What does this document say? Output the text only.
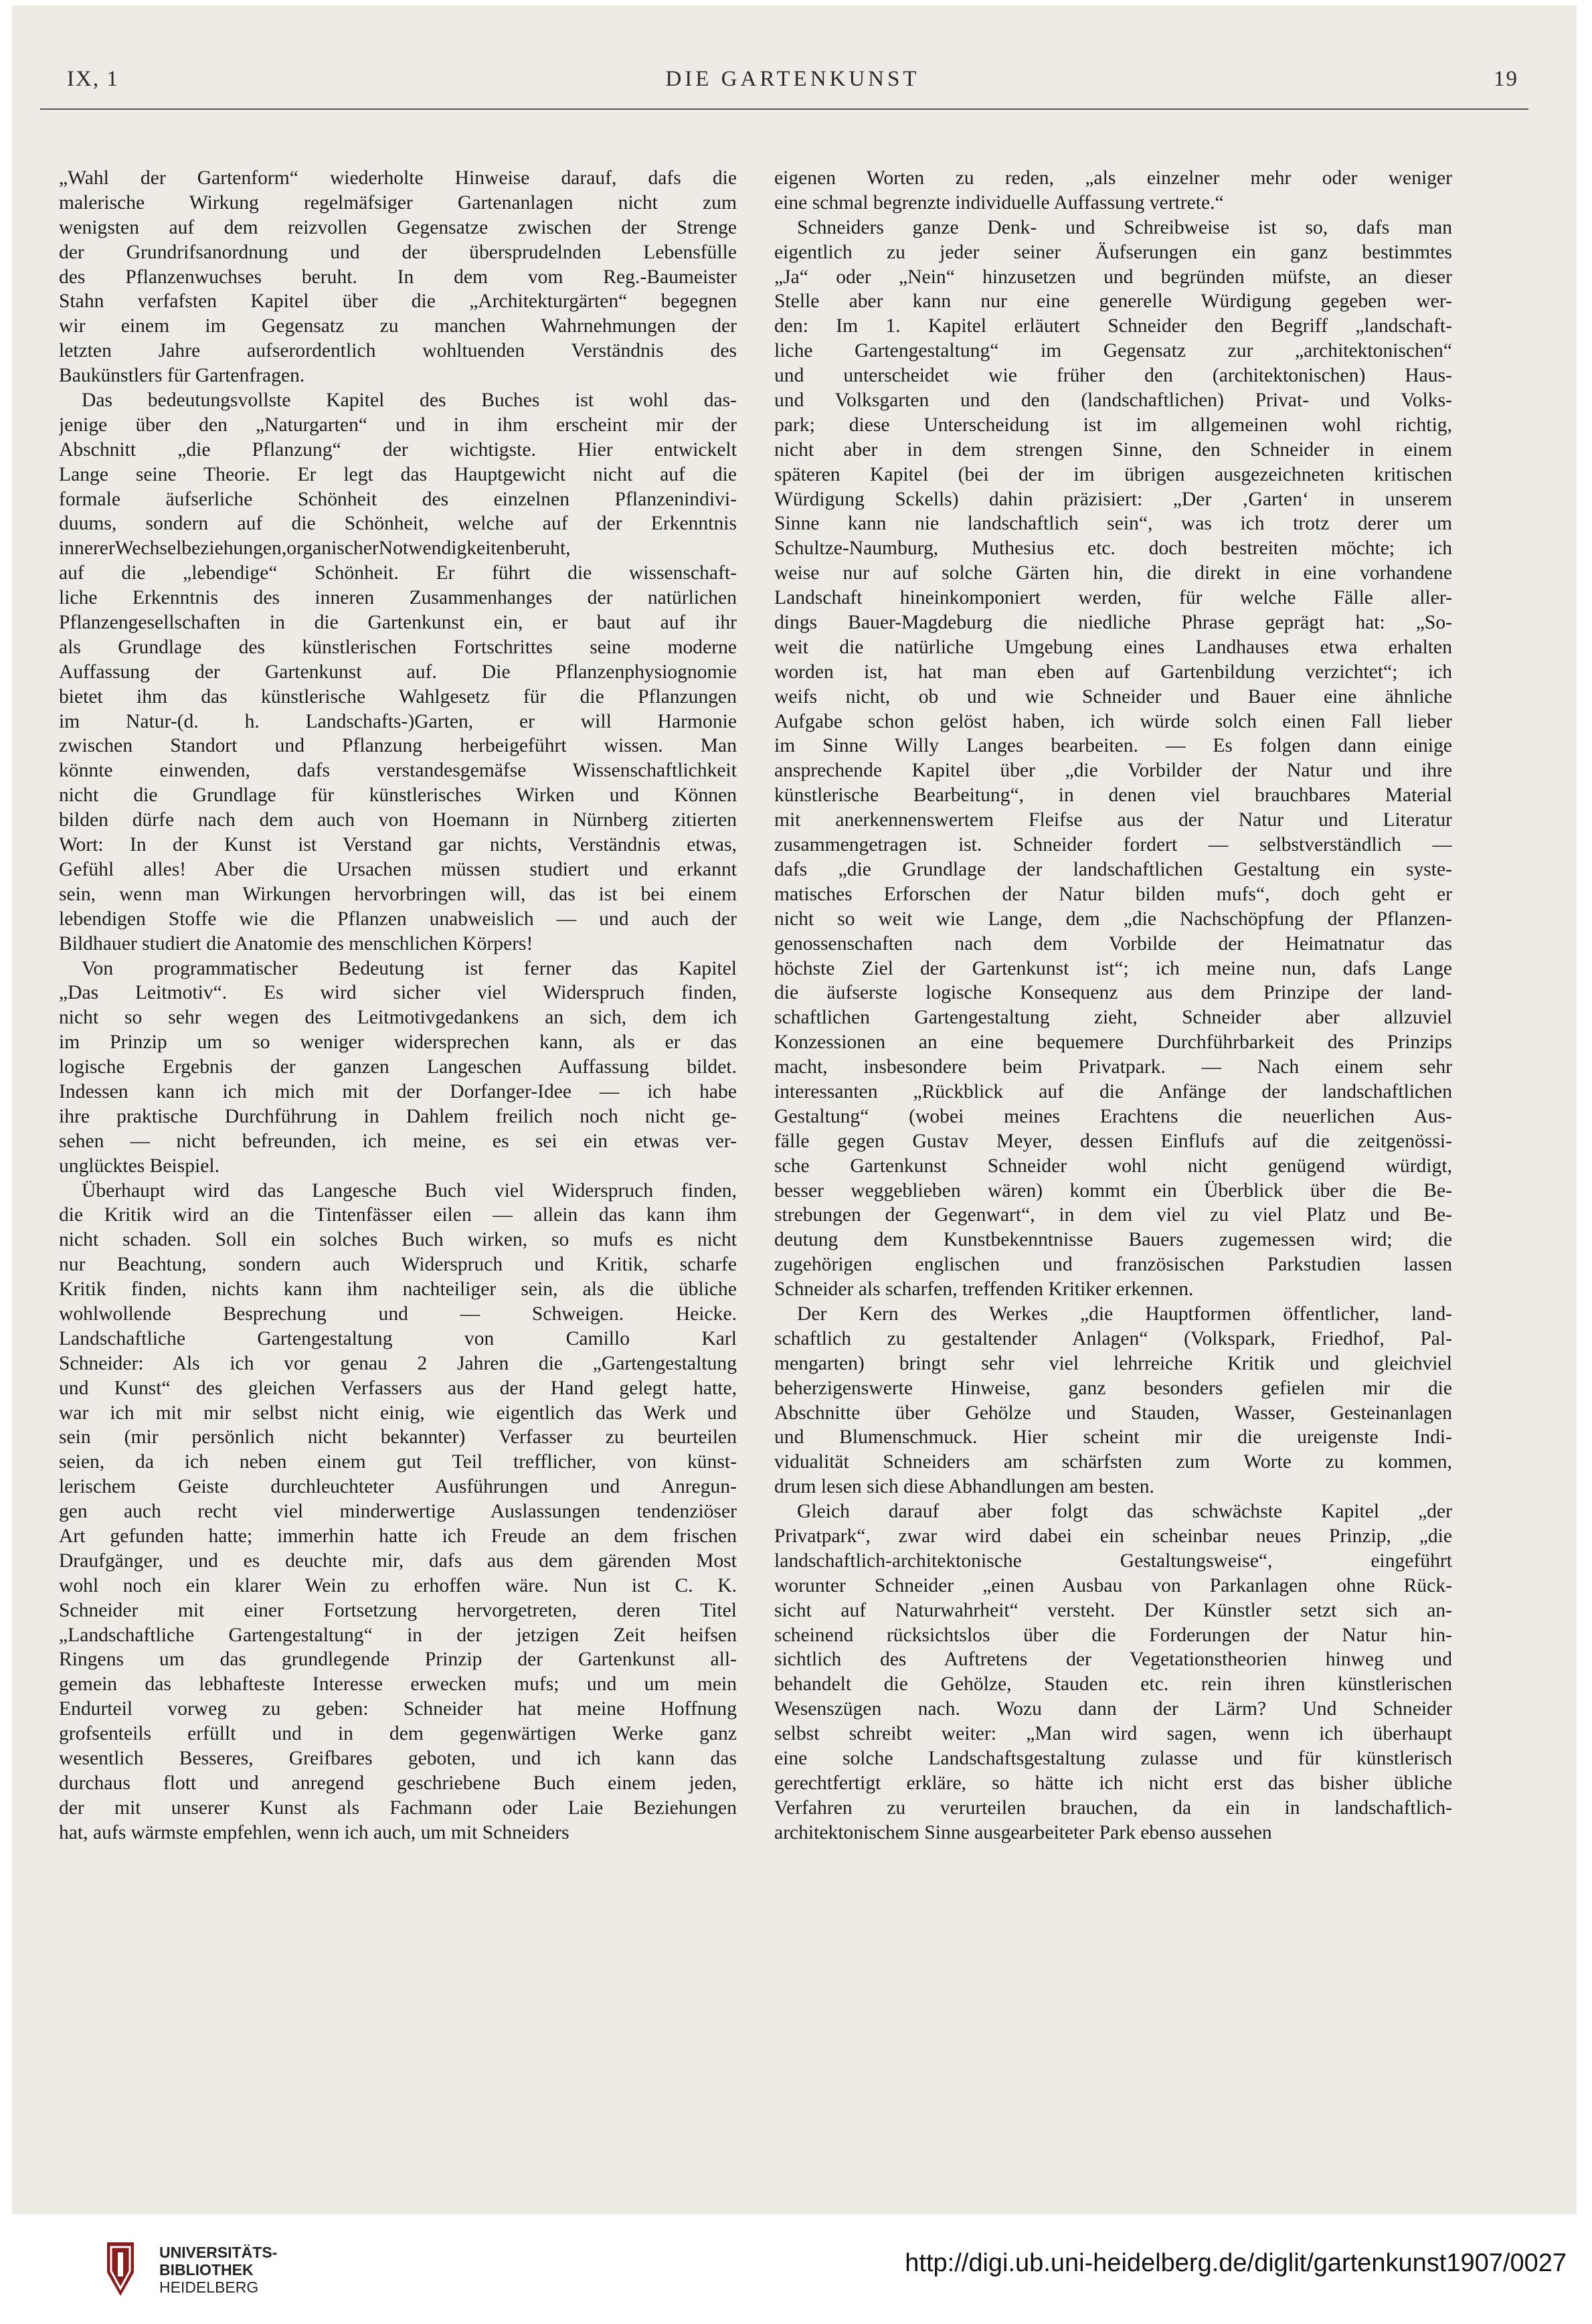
IX, 1	DIE GARTENKUNST	19
„Wahl der Gartenform“ wiederholte Hinweise darauf, dafs die
malerische Wirkung regelmäfsiger Gartenanlagen nicht zum
wenigsten auf dem reizvollen Gegensatze zwischen der Strenge
der Grundrifsanordnung und der übersprudelnden Lebensfülle
des Pflanzenwuchses beruht. In dem vom Reg.-Baumeister
Stahn verfafsten Kapitel über die „Architekturgärten“ begegnen
wir einem im Gegensatz zu manchen Wahrnehmungen der
letzten Jahre aufserordentlich wohltuenden Verständnis des
Baukünstlers für Gartenfragen.
Das bedeutungsvollste Kapitel des Buches ist wohl das-
jenige über den „Naturgarten“ und in ihm erscheint mir der
Abschnitt „die Pflanzung“ der wichtigste. Hier entwickelt
Lange seine Theorie. Er legt das Hauptgewicht nicht auf die
formale äufserliche Schönheit des einzelnen Pflanzenindivi-
duums, sondern auf die Schönheit, welche auf der Erkenntnis
innererWechselbeziehungen,organischerNotwendigkeitenberuht,
auf die „lebendige“ Schönheit. Er führt die wissenschaft-
liche Erkenntnis des inneren Zusammenhanges der natürlichen
Pflanzengesellschaften in die Gartenkunst ein, er baut auf ihr
als Grundlage des künstlerischen Fortschrittes seine moderne
Auffassung der Gartenkunst auf. Die Pflanzenphysiognomie
bietet ihm das künstlerische Wahlgesetz für die Pflanzungen
im Natur-(d. h. Landschafts-)Garten, er will Harmonie
zwischen Standort und Pflanzung herbeigeführt wissen. Man
könnte einwenden, dafs verstandesgemäfse Wissenschaftlichkeit
nicht die Grundlage für künstlerisches Wirken und Können
bilden dürfe nach dem auch von Hoemann in Nürnberg zitierten
Wort: In der Kunst ist Verstand gar nichts, Verständnis etwas,
Gefühl alles! Aber die Ursachen müssen studiert und erkannt
sein, wenn man Wirkungen hervorbringen will, das ist bei einem
lebendigen Stoffe wie die Pflanzen unabweislich — und auch der
Bildhauer studiert die Anatomie des menschlichen Körpers!
Von programmatischer Bedeutung ist ferner das Kapitel
„Das Leitmotiv“. Es wird sicher viel Widerspruch finden,
nicht so sehr wegen des Leitmotivgedankens an sich, dem ich
im Prinzip um so weniger widersprechen kann, als er das
logische Ergebnis der ganzen Langeschen Auffassung bildet.
Indessen kann ich mich mit der Dorfanger-Idee — ich habe
ihre praktische Durchführung in Dahlem freilich noch nicht ge-
sehen — nicht befreunden, ich meine, es sei ein etwas ver-
unglücktes Beispiel.
Überhaupt wird das Langesche Buch viel Widerspruch finden,
die Kritik wird an die Tintenfässer eilen — allein das kann ihm
nicht schaden. Soll ein solches Buch wirken, so mufs es nicht
nur Beachtung, sondern auch Widerspruch und Kritik, scharfe
Kritik finden, nichts kann ihm nachteiliger sein, als die übliche
wohlwollende Besprechung und — Schweigen. Heicke.
Landschaftliche Gartengestaltung von Camillo Karl
Schneider: Als ich vor genau 2 Jahren die „Gartengestaltung
und Kunst“ des gleichen Verfassers aus der Hand gelegt hatte,
war ich mit mir selbst nicht einig, wie eigentlich das Werk und
sein (mir persönlich nicht bekannter) Verfasser zu beurteilen
seien, da ich neben einem gut Teil trefflicher, von künst-
lerischem Geiste durchleuchteter Ausführungen und Anregun-
gen auch recht viel minderwertige Auslassungen tendenziöser
Art gefunden hatte; immerhin hatte ich Freude an dem frischen
Draufgänger, und es deuchte mir, dafs aus dem gärenden Most
wohl noch ein klarer Wein zu erhoffen wäre. Nun ist C. K.
Schneider mit einer Fortsetzung hervorgetreten, deren Titel
„Landschaftliche Gartengestaltung“ in der jetzigen Zeit heifsen
Ringens um das grundlegende Prinzip der Gartenkunst all-
gemein das lebhafteste Interesse erwecken mufs; und um mein
Endurteil vorweg zu geben: Schneider hat meine Hoffnung
grofsenteils erfüllt und in dem gegenwärtigen Werke ganz
wesentlich Besseres, Greifbares geboten, und ich kann das
durchaus flott und anregend geschriebene Buch einem jeden,
der mit unserer Kunst als Fachmann oder Laie Beziehungen
hat, aufs wärmste empfehlen, wenn ich auch, um mit Schneiders
eigenen Worten zu reden, „als einzelner mehr oder weniger
eine schmal begrenzte individuelle Auffassung vertrete.“
Schneiders ganze Denk- und Schreibweise ist so, dafs man
eigentlich zu jeder seiner Äufserungen ein ganz bestimmtes
„Ja“ oder „Nein“ hinzusetzen und begründen müfste, an dieser
Stelle aber kann nur eine generelle Würdigung gegeben wer-
den: Im 1. Kapitel erläutert Schneider den Begriff „landschaft-
liche Gartengestaltung“ im Gegensatz zur „architektonischen“
und unterscheidet wie früher den (architektonischen) Haus-
und Volksgarten und den (landschaftlichen) Privat- und Volks-
park; diese Unterscheidung ist im allgemeinen wohl richtig,
nicht aber in dem strengen Sinne, den Schneider in einem
späteren Kapitel (bei der im übrigen ausgezeichneten kritischen
Würdigung Sckells) dahin präzisiert: „Der ‚Garten‘ in unserem
Sinne kann nie landschaftlich sein“, was ich trotz derer um
Schultze-Naumburg, Muthesius etc. doch bestreiten möchte; ich
weise nur auf solche Gärten hin, die direkt in eine vorhandene
Landschaft hineinkomponiert werden, für welche Fälle aller-
dings Bauer-Magdeburg die niedliche Phrase geprägt hat: „So-
weit die natürliche Umgebung eines Landhauses etwa erhalten
worden ist, hat man eben auf Gartenbildung verzichtet“; ich
weifs nicht, ob und wie Schneider und Bauer eine ähnliche
Aufgabe schon gelöst haben, ich würde solch einen Fall lieber
im Sinne Willy Langes bearbeiten. — Es folgen dann einige
ansprechende Kapitel über „die Vorbilder der Natur und ihre
künstlerische Bearbeitung“, in denen viel brauchbares Material
mit anerkennenswertem Fleifse aus der Natur und Literatur
zusammengetragen ist. Schneider fordert — selbstverständlich —
dafs „die Grundlage der landschaftlichen Gestaltung ein syste-
matisches Erforschen der Natur bilden mufs“, doch geht er
nicht so weit wie Lange, dem „die Nachschöpfung der Pflanzen-
genossenschaften nach dem Vorbilde der Heimatnatur das
höchste Ziel der Gartenkunst ist“; ich meine nun, dafs Lange
die äufserste logische Konsequenz aus dem Prinzipe der land-
schaftlichen Gartengestaltung zieht, Schneider aber allzuviel
Konzessionen an eine bequemere Durchführbarkeit des Prinzips
macht, insbesondere beim Privatpark. — Nach einem sehr
interessanten „Rückblick auf die Anfänge der landschaftlichen
Gestaltung“ (wobei meines Erachtens die neuerlichen Aus-
fälle gegen Gustav Meyer, dessen Einflufs auf die zeitgenössi-
sche Gartenkunst Schneider wohl nicht genügend würdigt,
besser weggeblieben wären) kommt ein Überblick über die Be-
strebungen der Gegenwart“, in dem viel zu viel Platz und Be-
deutung dem Kunstbekenntnisse Bauers zugemessen wird; die
zugehörigen englischen und französischen Parkstudien lassen
Schneider als scharfen, treffenden Kritiker erkennen.
Der Kern des Werkes „die Hauptformen öffentlicher, land-
schaftlich zu gestaltender Anlagen“ (Volkspark, Friedhof, Pal-
mengarten) bringt sehr viel lehrreiche Kritik und gleichviel
beherzigenswerte Hinweise, ganz besonders gefielen mir die
Abschnitte über Gehölze und Stauden, Wasser, Gesteinanlagen
und Blumenschmuck. Hier scheint mir die ureigenste Indi-
vidualität Schneiders am schärfsten zum Worte zu kommen,
drum lesen sich diese Abhandlungen am besten.
Gleich darauf aber folgt das schwächste Kapitel „der
Privatpark“, zwar wird dabei ein scheinbar neues Prinzip, „die
landschaftlich-architektonische Gestaltungsweise“, eingeführt
worunter Schneider „einen Ausbau von Parkanlagen ohne Rück-
sicht auf Naturwahrheit“ versteht. Der Künstler setzt sich an-
scheinend rücksichtslos über die Forderungen der Natur hin-
sichtlich des Auftretens der Vegetationstheorien hinweg und
behandelt die Gehölze, Stauden etc. rein ihren künstlerischen
Wesenszügen nach. Wozu dann der Lärm? Und Schneider
selbst schreibt weiter: „Man wird sagen, wenn ich überhaupt
eine solche Landschaftsgestaltung zulasse und für künstlerisch
gerechtfertigt erkläre, so hätte ich nicht erst das bisher übliche
Verfahren zu verurteilen brauchen, da ein in landschaftlich-
architektonischem Sinne ausgearbeiteter Park ebenso aussehen
UNIVERSITÄTS-
BIBLIOTHEK
HEIDELBERG
http://digi.ub.uni-heidelberg.de/diglit/gartenkunst1907/0027
